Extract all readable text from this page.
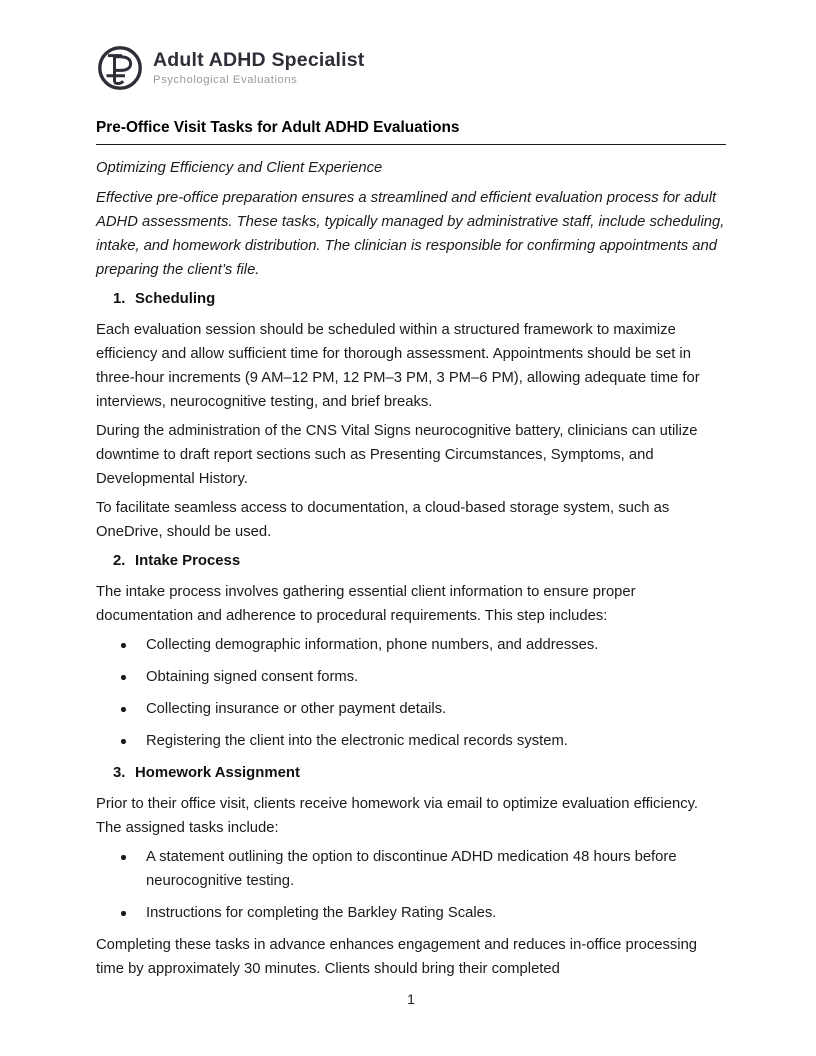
Adult ADHD Specialist
Psychological Evaluations
Pre-Office Visit Tasks for Adult ADHD Evaluations

Optimizing Efficiency and Client Experience

Effective pre-office preparation ensures a streamlined and efficient evaluation process for adult ADHD assessments. These tasks, typically managed by administrative staff, include scheduling, intake, and homework distribution. The clinician is responsible for confirming appointments and preparing the client’s file.

1. Scheduling

Each evaluation session should be scheduled within a structured framework to maximize efficiency and allow sufficient time for thorough assessment. Appointments should be set in three-hour increments (9 AM–12 PM, 12 PM–3 PM, 3 PM–6 PM), allowing adequate time for interviews, neurocognitive testing, and brief breaks.

During the administration of the CNS Vital Signs neurocognitive battery, clinicians can utilize downtime to draft report sections such as Presenting Circumstances, Symptoms, and Developmental History.

To facilitate seamless access to documentation, a cloud-based storage system, such as OneDrive, should be used.

2. Intake Process

The intake process involves gathering essential client information to ensure proper documentation and adherence to procedural requirements. This step includes:

Collecting demographic information, phone numbers, and addresses.
Obtaining signed consent forms.
Collecting insurance or other payment details.
Registering the client into the electronic medical records system.
3. Homework Assignment

Prior to their office visit, clients receive homework via email to optimize evaluation efficiency. The assigned tasks include:

A statement outlining the option to discontinue ADHD medication 48 hours before neurocognitive testing.
Instructions for completing the Barkley Rating Scales.

Completing these tasks in advance enhances engagement and reduces in-office processing time by approximately 30 minutes. Clients should bring their completed

1
